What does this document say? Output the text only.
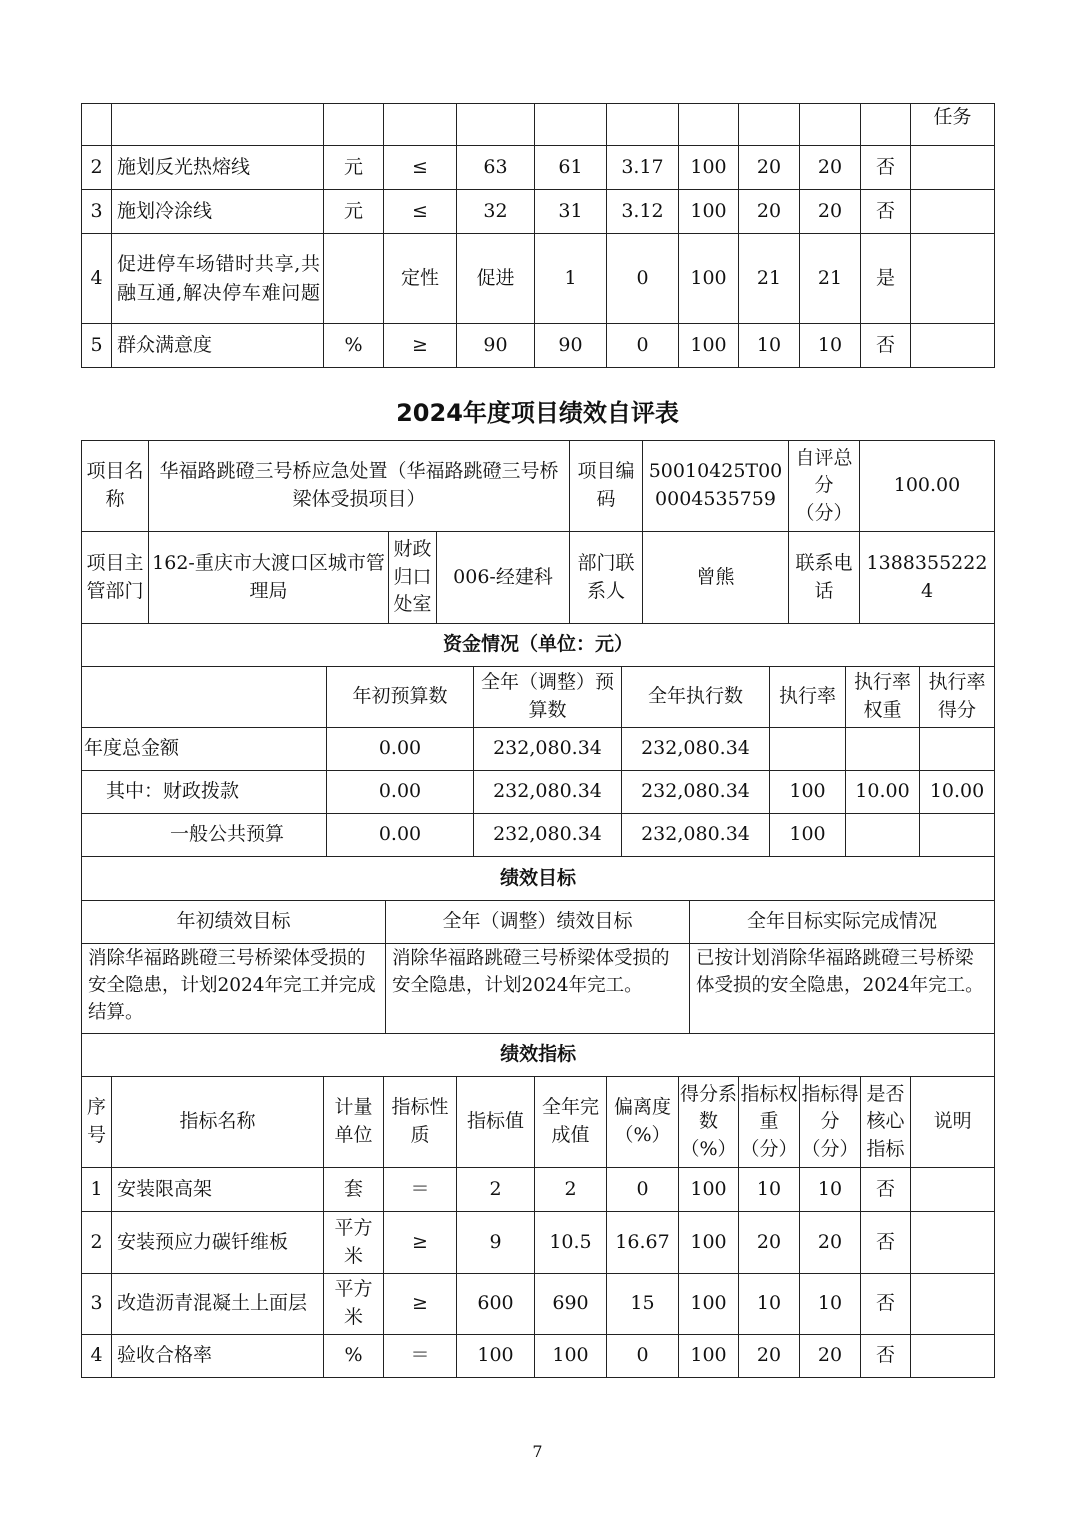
											任务
2	施划反光热熔线	元	≤	63	61	3.17	100	20	20	否	
3	施划冷涂线	元	≤	32	31	3.12	100	20	20	否	
4	促进停车场错时共享,共融互通,解决停车难问题		定性	促进	1	0	100	21	21	是	
5	群众满意度	%	≥	90	90	0	100	10	10	否	
2024年度项目绩效自评表
项目名称	华福路跳磴三号桥应急处置（华福路跳磴三号桥梁体受损项目）			项目编码	50010425T000004535759	自评总分（分）	100.00
项目主管部门	162-重庆市大渡口区城市管理局	财政归口处室	006-经建科	部门联系人	曾熊	联系电话	13883552224
资金情况（单位：元）						
	年初预算数	全年（调整）预算数	全年执行数	执行率	执行率权重	执行率得分
年度总金额	0.00	232,080.34	232,080.34			
其中：财政拨款	0.00	232,080.34	232,080.34	100	10.00	10.00
一般公共预算	0.00	232,080.34	232,080.34	100		
绩效目标		
年初绩效目标	全年（调整）绩效目标	全年目标实际完成情况
消除华福路跳磴三号桥梁体受损的安全隐患，计划2024年完工并完成结算。	消除华福路跳磴三号桥梁体受损的安全隐患，计划2024年完工。	已按计划消除华福路跳磴三号桥梁体受损的安全隐患，2024年完工。
绩效指标											
序号	指标名称	计量单位	指标性质	指标值	全年完成值	偏离度（%）	得分系数（%）	指标权重（分）	指标得分（分）	是否核心指标	说明
1	安装限高架	套	＝	2	2	0	100	10	10	否	
2	安装预应力碳钎维板	平方米	≥	9	10.5	16.67	100	20	20	否	
3	改造沥青混凝土上面层	平方米	≥	600	690	15	100	10	10	否	
4	验收合格率	%	＝	100	100	0	100	20	20	否	
7
